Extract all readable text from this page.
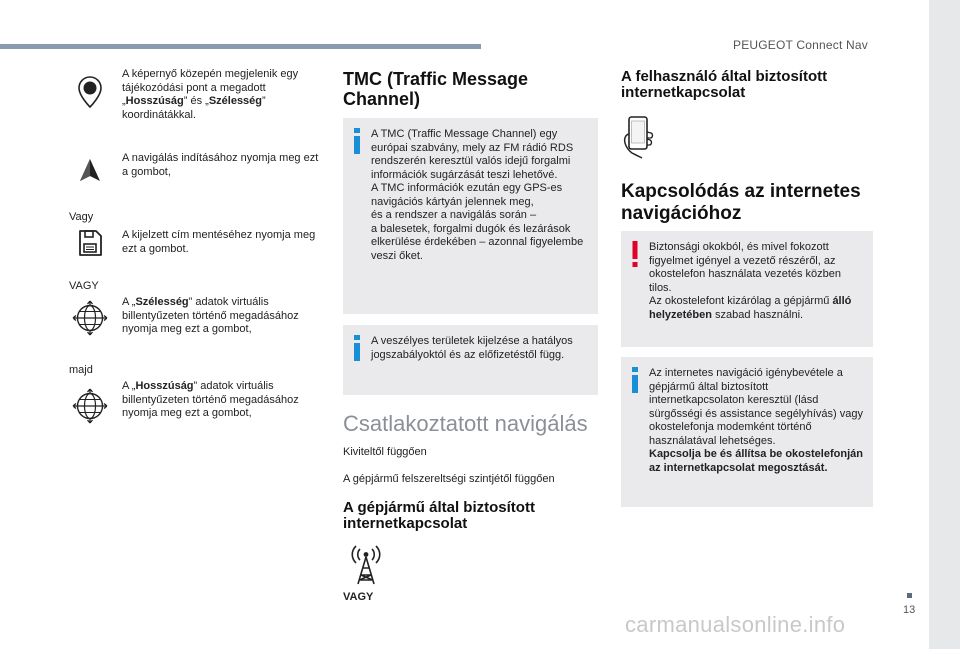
PEUGEOT Connect Nav
13
carmanualsonline.info
A képernyő közepén megjelenik egy tájékozódási pont a megadott „Hosszúság” és „Szélesség” koordinátákkal.
A navigálás indításához nyomja meg ezt a gombot,
Vagy
A kijelzett cím mentéséhez nyomja meg ezt a gombot.
VAGY
A „Szélesség” adatok virtuális billentyűzeten történő megadásához nyomja meg ezt a gombot,
majd
A „Hosszúság” adatok virtuális billentyűzeten történő megadásához nyomja meg ezt a gombot,
TMC (Traffic Message Channel)
A TMC (Traffic Message Channel) egy európai szabvány, mely az FM rádió RDS rendszerén keresztül valós idejű forgalmi információk sugárzását teszi lehetővé.
A TMC információk ezután egy GPS-es navigációs kártyán jelennek meg,
és a rendszer a navigálás során –
a balesetek, forgalmi dugók és lezárások elkerülése érdekében – azonnal figyelembe veszi őket.
A veszélyes területek kijelzése a hatályos jogszabályoktól és az előfizetéstől függ.
Csatlakoztatott navigálás
Kiviteltől függően
A gépjármű felszereltségi szintjétől függően
A gépjármű által biztosított internetkapcsolat
VAGY
A felhasználó által biztosított internetkapcsolat
Kapcsolódás az internetes navigációhoz
Biztonsági okokból, és mivel fokozott figyelmet igényel a vezető részéről, az okostelefon használata vezetés közben tilos.
Az okostelefont kizárólag a gépjármű álló helyzetében szabad használni.
Az internetes navigáció igénybevétele a gépjármű által biztosított internetkapcsolaton keresztül (lásd sürgősségi és assistance segélyhívás) vagy okostelefonja modemként történő használatával lehetséges.
Kapcsolja be és állítsa be okostelefonján az internetkapcsolat megosztását.
